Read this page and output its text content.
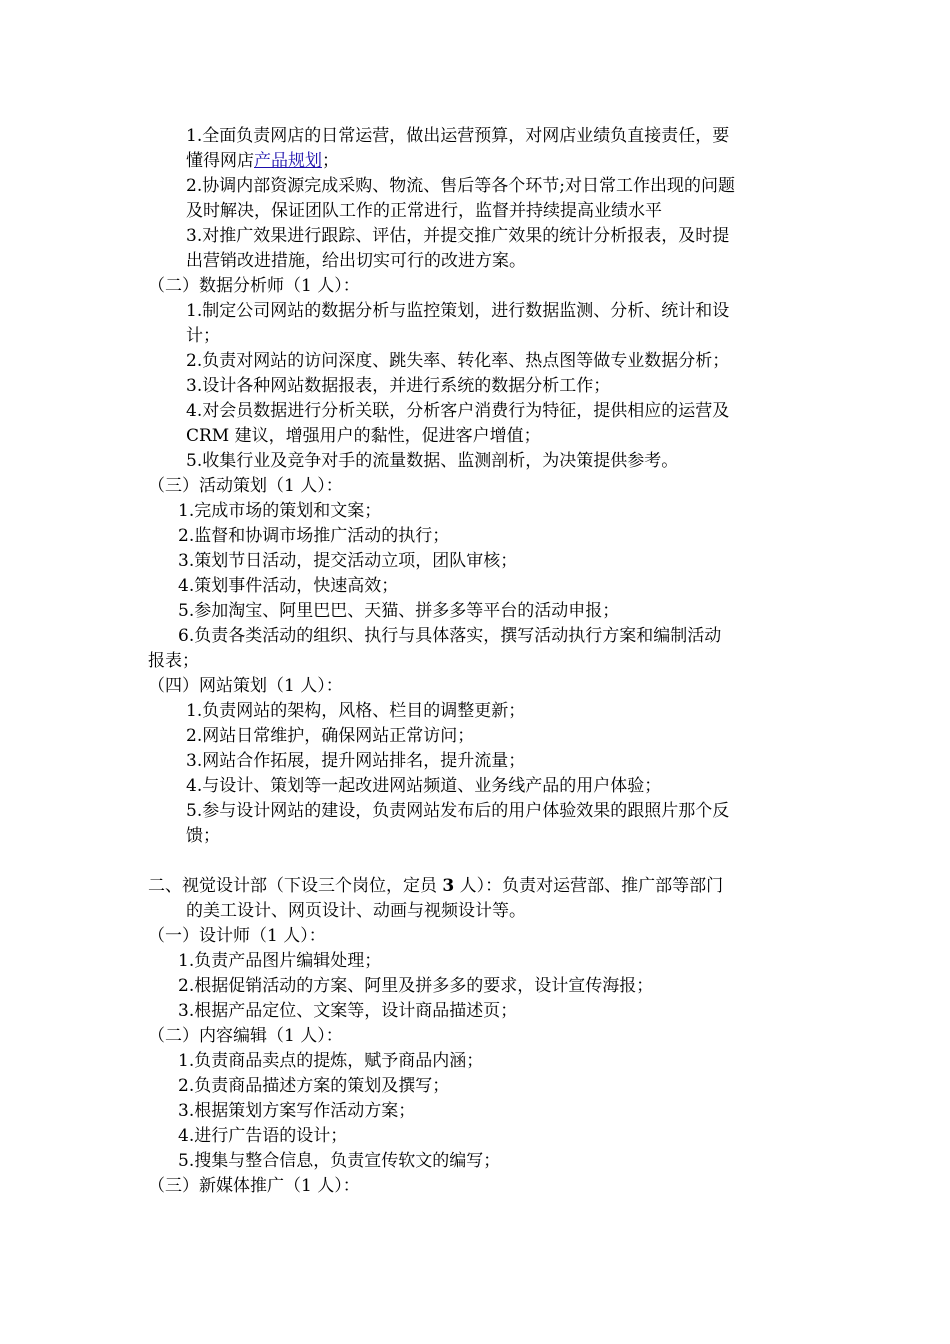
1.全面负责网店的日常运营，做出运营预算，对网店业绩负直接责任，要
懂得网店产品规划；
2.协调内部资源完成采购、物流、售后等各个环节;对日常工作出现的问题
及时解决，保证团队工作的正常进行，监督并持续提高业绩水平
3.对推广效果进行跟踪、评估，并提交推广效果的统计分析报表，及时提
出营销改进措施，给出切实可行的改进方案。
（二）数据分析师（1 人）：
1.制定公司网站的数据分析与监控策划，进行数据监测、分析、统计和设
计；
2.负责对网站的访问深度、跳失率、转化率、热点图等做专业数据分析；
3.设计各种网站数据报表，并进行系统的数据分析工作；
4.对会员数据进行分析关联，分析客户消费行为特征，提供相应的运营及
CRM 建议，增强用户的黏性，促进客户增值；
5.收集行业及竞争对手的流量数据、监测剖析，为决策提供参考。
（三）活动策划（1 人）：
1.完成市场的策划和文案；
2.监督和协调市场推广活动的执行；
3.策划节日活动，提交活动立项，团队审核；
4.策划事件活动，快速高效；
5.参加淘宝、阿里巴巴、天猫、拼多多等平台的活动申报；
6.负责各类活动的组织、执行与具体落实，撰写活动执行方案和编制活动
报表；
（四）网站策划（1 人）：
1.负责网站的架构，风格、栏目的调整更新；
2.网站日常维护，确保网站正常访问；
3.网站合作拓展，提升网站排名，提升流量；
4.与设计、策划等一起改进网站频道、业务线产品的用户体验；
5.参与设计网站的建设，负责网站发布后的用户体验效果的跟照片那个反
馈；
二、视觉设计部（下设三个岗位，定员 3 人）：负责对运营部、推广部等部门
的美工设计、网页设计、动画与视频设计等。
（一）设计师（1 人）：
1.负责产品图片编辑处理；
2.根据促销活动的方案、阿里及拼多多的要求，设计宣传海报；
3.根据产品定位、文案等，设计商品描述页；
（二）内容编辑（1 人）：
1.负责商品卖点的提炼，赋予商品内涵；
2.负责商品描述方案的策划及撰写；
3.根据策划方案写作活动方案；
4.进行广告语的设计；
5.搜集与整合信息，负责宣传软文的编写；
（三）新媒体推广（1 人）：
